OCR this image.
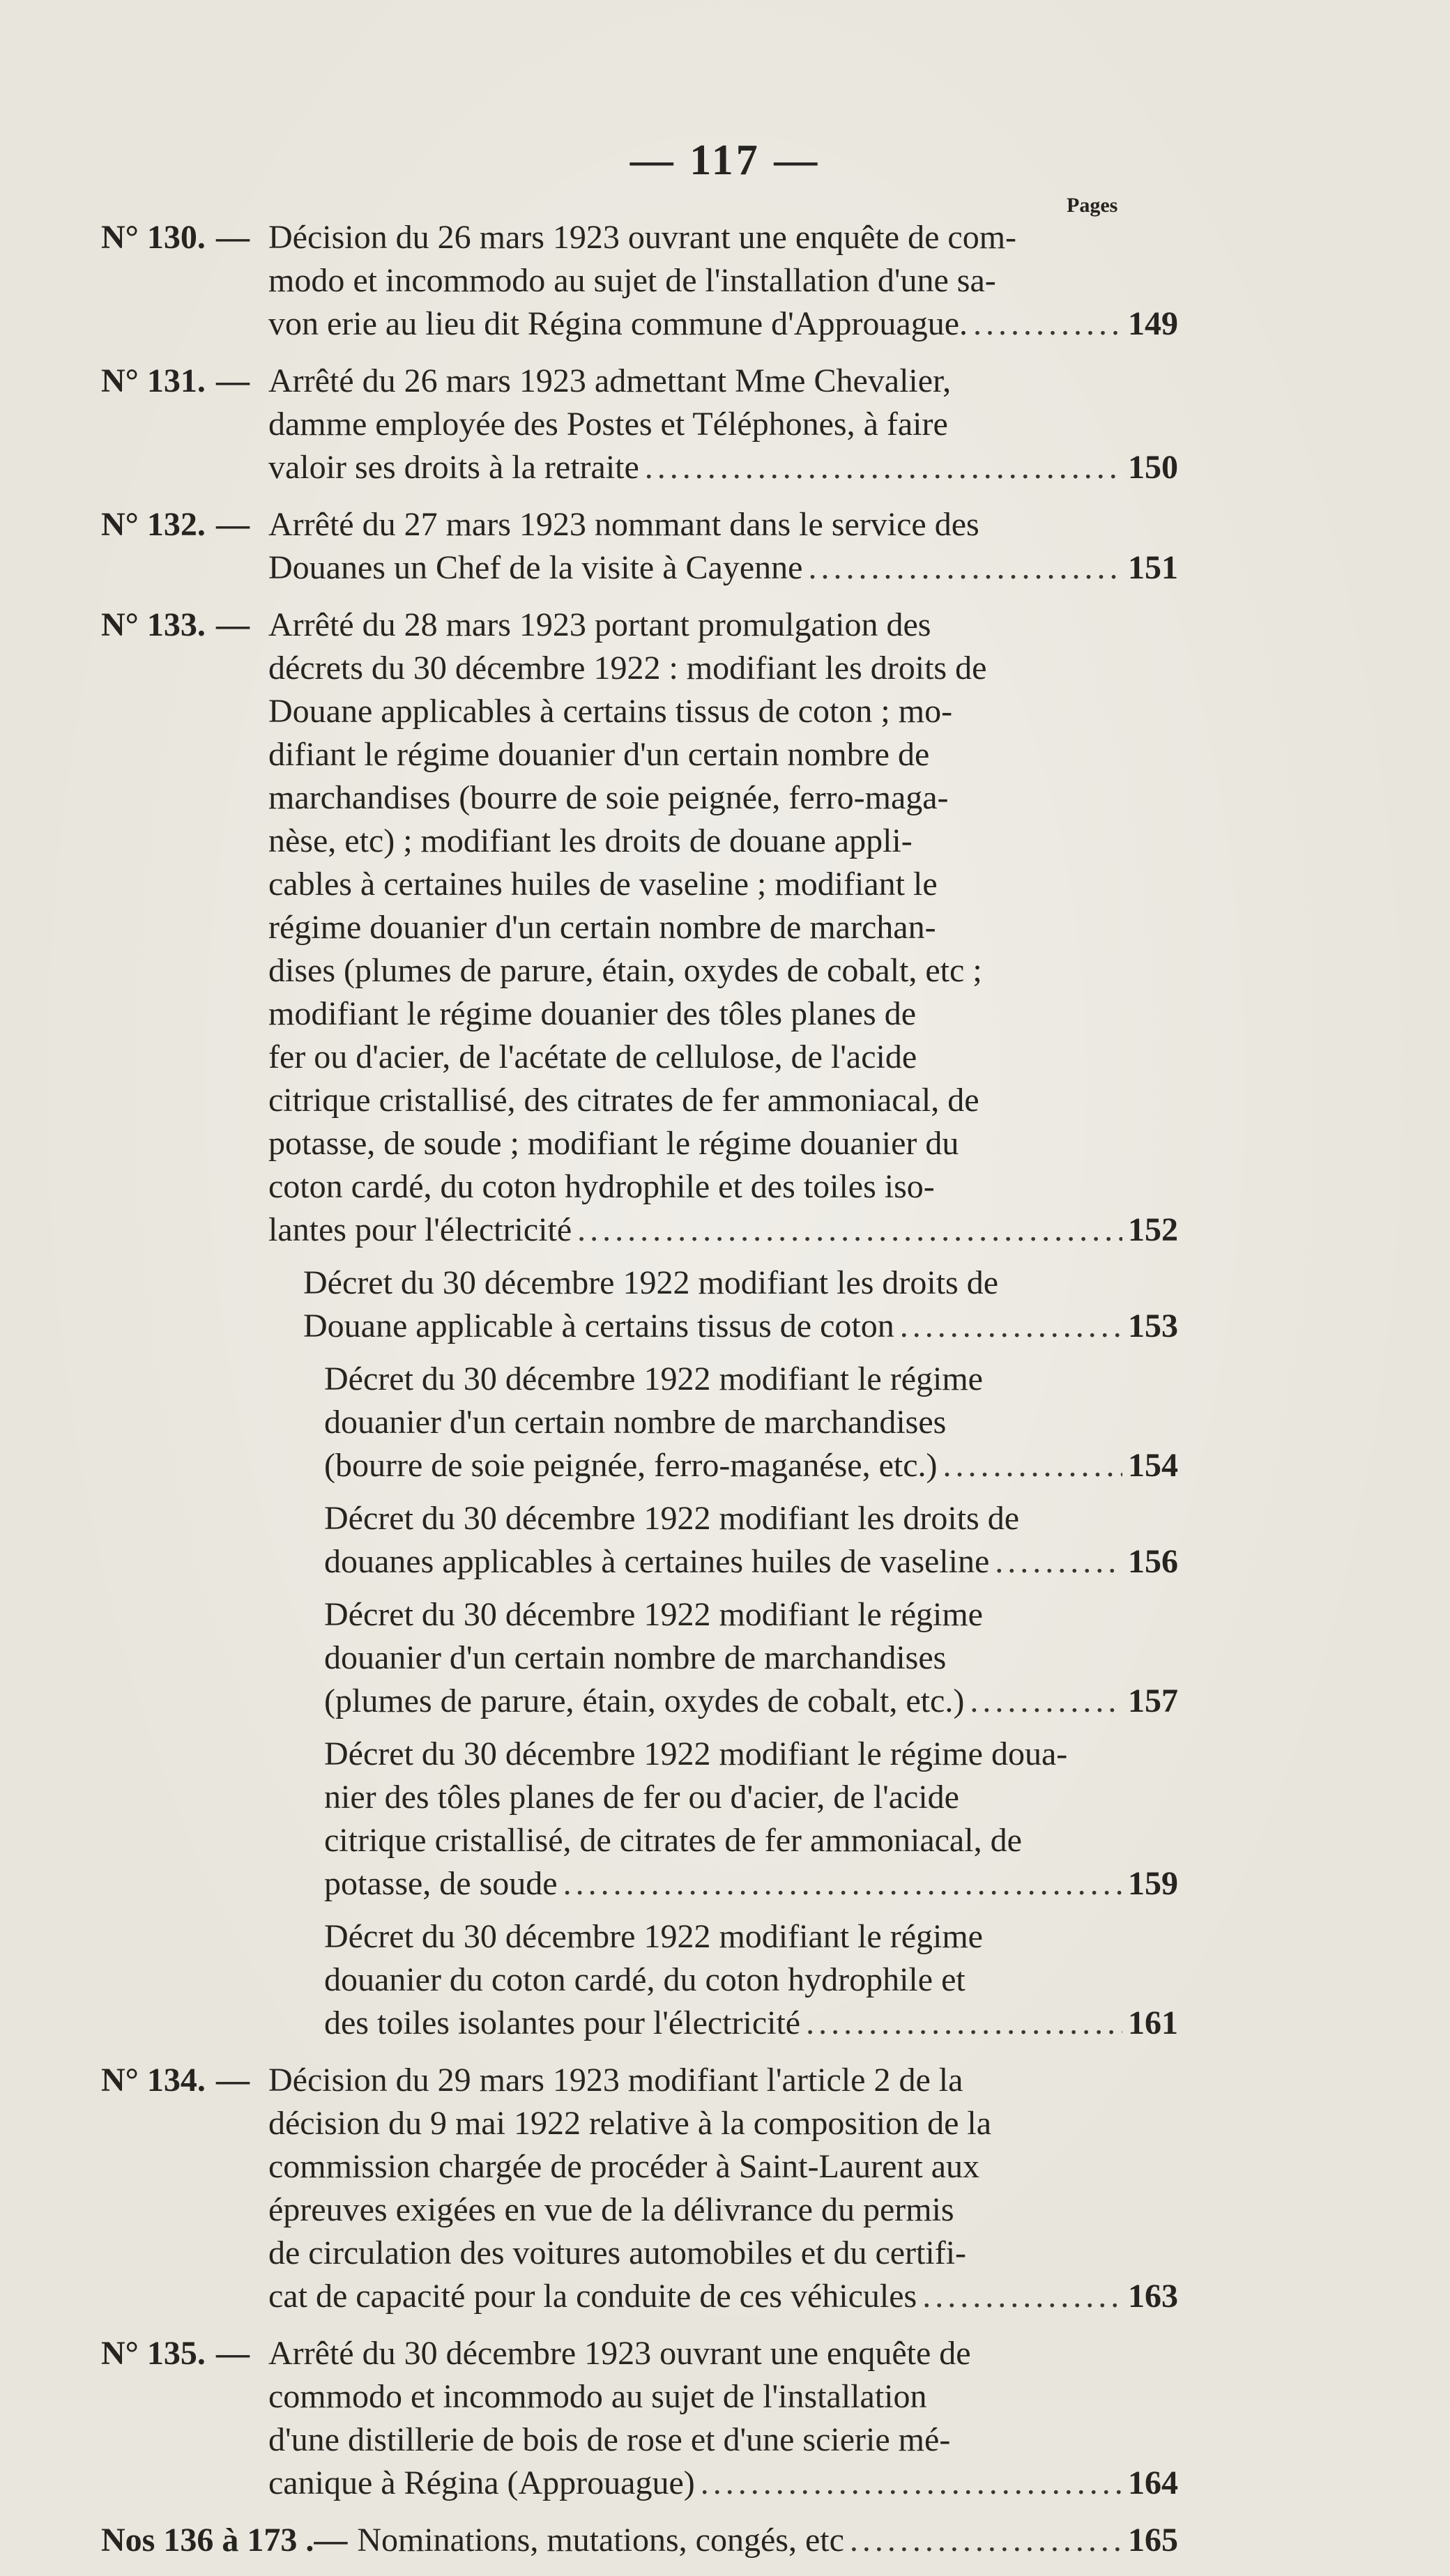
— 117 —
Pages
N° 130. — Décision du 26 mars 1923 ouvrant une enquête de com-
modo et incommodo au sujet de l'installation d'une sa-
von erie au lieu dit Régina commune d'Approuague. .....	149
N° 131. — Arrêté du 26 mars 1923 admettant Mme Chevalier,
damme employée des Postes et Téléphones, à faire
valoir ses droits à la retraite .....	150
N° 132. — Arrêté du 27 mars 1923 nommant dans le service des
Douanes un Chef de la visite à Cayenne .....	151
N° 133. — Arrêté du 28 mars 1923 portant promulgation des
décrets du 30 décembre 1922 : modifiant les droits de
Douane applicables à certains tissus de coton ; mo-
difiant le régime douanier d'un certain nombre de
marchandises (bourre de soie peignée, ferro-maga-
nèse, etc) ; modifiant les droits de douane appli-
cables à certaines huiles de vaseline ; modifiant le
régime douanier d'un certain nombre de marchan-
dises (plumes de parure, étain, oxydes de cobalt, etc ;
modifiant le régime douanier des tôles planes de
fer ou d'acier, de l'acétate de cellulose, de l'acide
citrique cristallisé, des citrates de fer ammoniacal, de
potasse, de soude ; modifiant le régime douanier du
coton cardé, du coton hydrophile et des toiles iso-
lantes pour l'électricité .....	152
Décret du 30 décembre 1922 modifiant les droits de
Douane applicable à certains tissus de coton .....	153
Décret du 30 décembre 1922 modifiant le régime
douanier d'un certain nombre de marchandises
(bourre de soie peignée, ferro-maganése, etc.) .....	154
Décret du 30 décembre 1922 modifiant les droits de
douanes applicables à certaines huiles de vaseline .....	156
Décret du 30 décembre 1922 modifiant le régime
douanier d'un certain nombre de marchandises
(plumes de parure, étain, oxydes de cobalt, etc.) .....	157
Décret du 30 décembre 1922 modifiant le régime doua-
nier des tôles planes de fer ou d'acier, de l'acide
citrique cristallisé, de citrates de fer ammoniacal, de
potasse, de soude .....	159
Décret du 30 décembre 1922 modifiant le régime
douanier du coton cardé, du coton hydrophile et
des toiles isolantes pour l'électricité .....	161
N° 134. — Décision du 29 mars 1923 modifiant l'article 2 de la
décision du 9 mai 1922 relative à la composition de la
commission chargée de procéder à Saint-Laurent aux
épreuves exigées en vue de la délivrance du permis
de circulation des voitures automobiles et du certifi-
cat de capacité pour la conduite de ces véhicules .....	163
N° 135. — Arrêté du 30 décembre 1923 ouvrant une enquête de
commodo et incommodo au sujet de l'installation
d'une distillerie de bois de rose et d'une scierie mé-
canique à Régina (Approuague) .....	164
Nos 136 à 173 .— Nominations, mutations, congés, etc .....	165
